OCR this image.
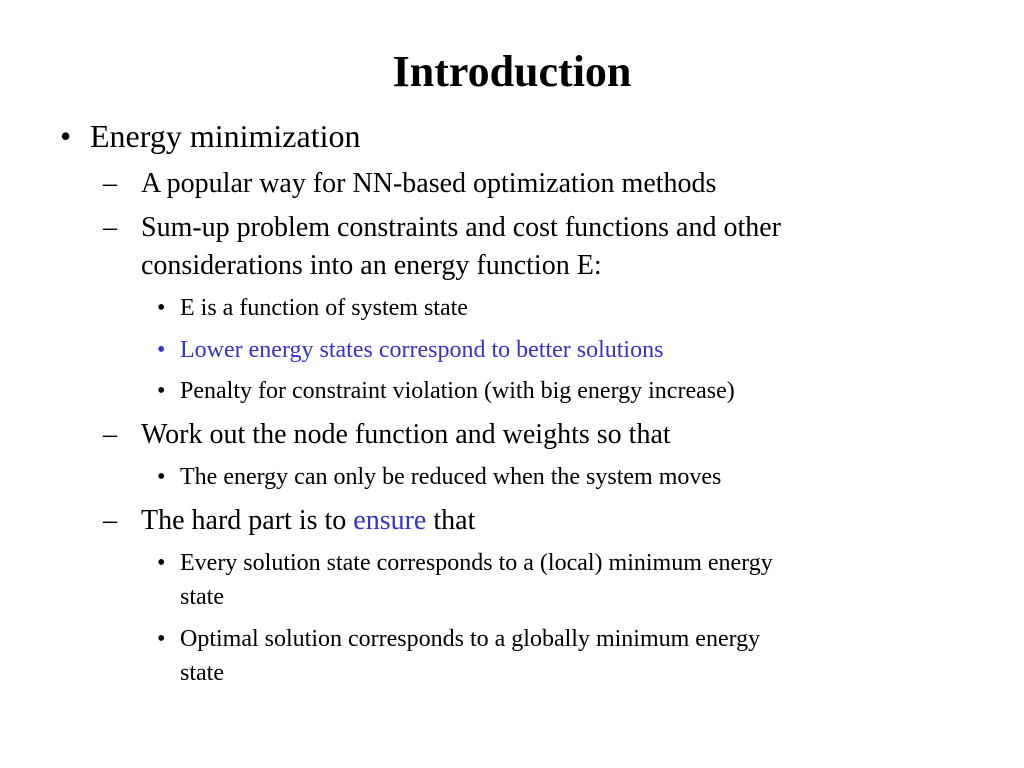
Introduction
• Energy minimization
– A popular way for NN-based optimization methods
– Sum-up problem constraints and cost functions and other
considerations into an energy function E:
• E is a function of system state
• Lower energy states correspond to better solutions
• Penalty for constraint violation (with big energy increase)
– Work out the node function and weights so that
• The energy can only be reduced when the system moves
– The hard part is to ensure that
• Every solution state corresponds to a (local) minimum energy
state
• Optimal solution corresponds to a globally minimum energy
state
